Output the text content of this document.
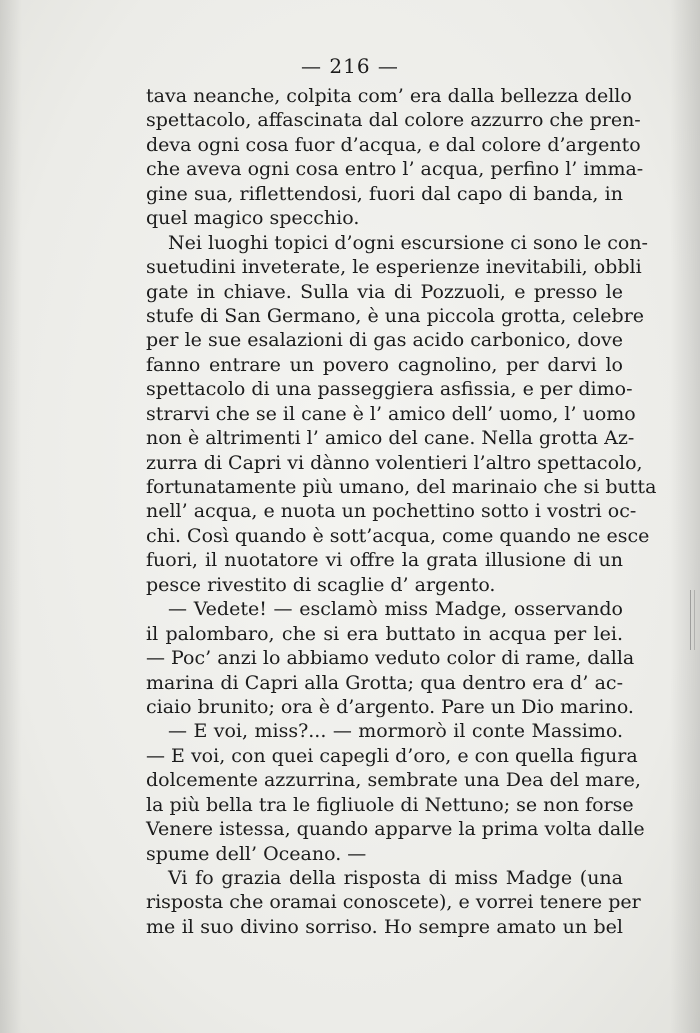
— 216 —
tava neanche, colpita com’ era dalla bellezza dello
spettacolo, affascinata dal colore azzurro che pren-
deva ogni cosa fuor d’acqua, e dal colore d’argento
che aveva ogni cosa entro l’ acqua, perfino l’ imma-
gine sua, riflettendosi, fuori dal capo di banda, in
quel magico specchio.
Nei luoghi topici d’ogni escursione ci sono le con-
suetudini inveterate, le esperienze inevitabili, obbli
gate in chiave. Sulla via di Pozzuoli, e presso le
stufe di San Germano, è una piccola grotta, celebre
per le sue esalazioni di gas acido carbonico, dove
fanno entrare un povero cagnolino, per darvi lo
spettacolo di una passeggiera asfissia, e per dimo-
strarvi che se il cane è l’ amico dell’ uomo, l’ uomo
non è altrimenti l’ amico del cane. Nella grotta Az-
zurra di Capri vi dànno volentieri l’altro spettacolo,
fortunatamente più umano, del marinaio che si butta
nell’ acqua, e nuota un pochettino sotto i vostri oc-
chi. Così quando è sott’acqua, come quando ne esce
fuori, il nuotatore vi offre la grata illusione di un
pesce rivestito di scaglie d’ argento.
— Vedete! — esclamò miss Madge, osservando
il palombaro, che si era buttato in acqua per lei.
— Poc’ anzi lo abbiamo veduto color di rame, dalla
marina di Capri alla Grotta; qua dentro era d’ ac-
ciaio brunito; ora è d’argento. Pare un Dio marino.
— E voi, miss?... — mormorò il conte Massimo.
— E voi, con quei capegli d’oro, e con quella figura
dolcemente azzurrina, sembrate una Dea del mare,
la più bella tra le figliuole di Nettuno; se non forse
Venere istessa, quando apparve la prima volta dalle
spume dell’ Oceano. —
Vi fo grazia della risposta di miss Madge (una
risposta che oramai conoscete), e vorrei tenere per
me il suo divino sorriso. Ho sempre amato un bel
